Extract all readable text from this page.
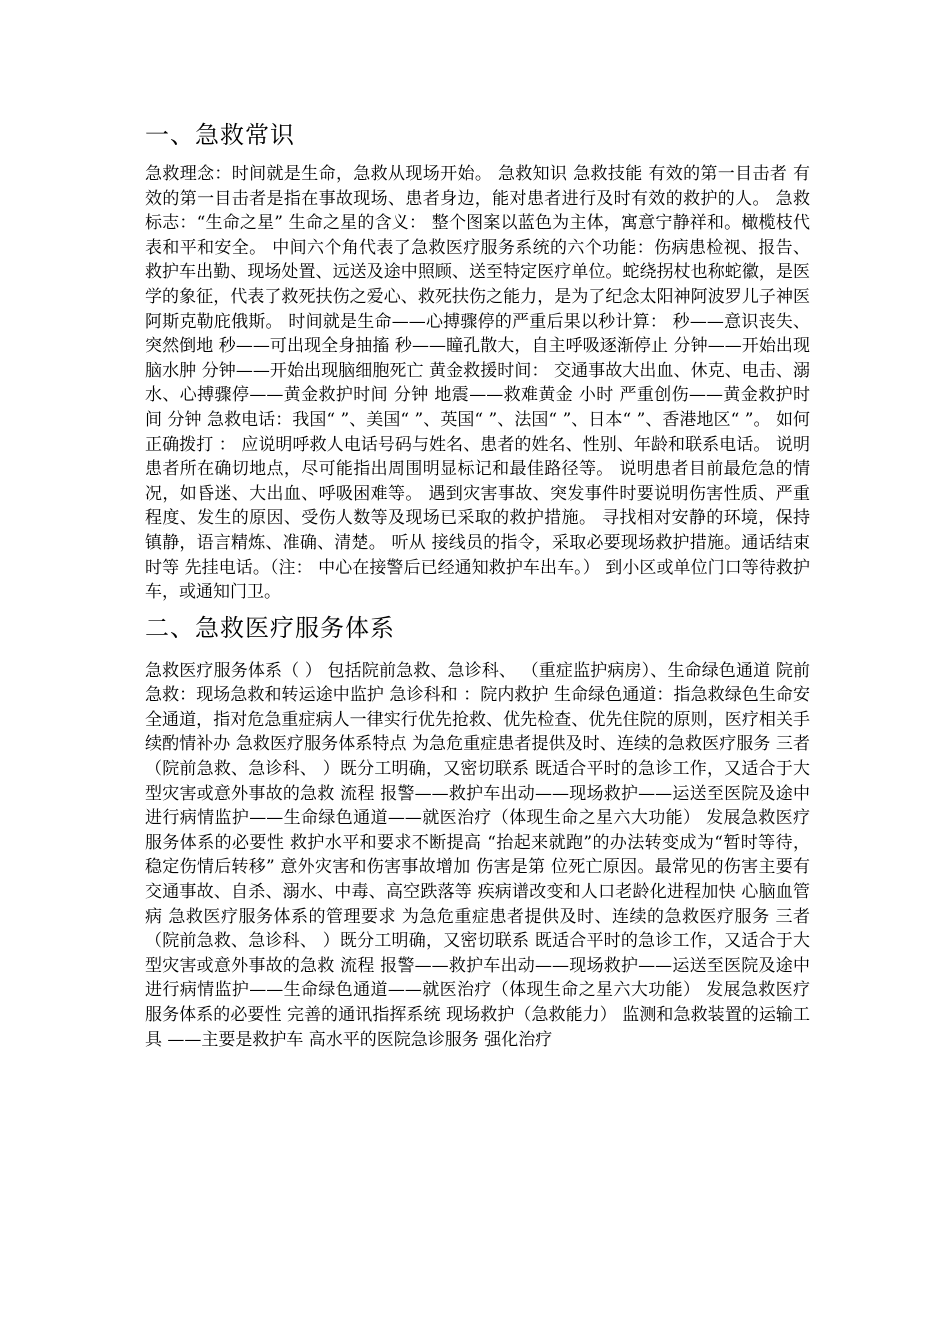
一、急救常识

急救理念：时间就是生命，急救从现场开始。 急救知识 急救技能 有效的第一目击者 有效的第一目击者是指在事故现场、患者身边，能对患者进行及时有效的救护的人。 急救标志：“生命之星” 生命之星的含义： 整个图案以蓝色为主体，寓意宁静祥和。橄榄枝代表和平和安全。 中间六个角代表了急救医疗服务系统的六个功能：伤病患检视、报告、救护车出勤、现场处置、远送及途中照顾、送至特定医疗单位。蛇绕拐杖也称蛇徽，是医学的象征，代表了救死扶伤之爱心、救死扶伤之能力，是为了纪念太阳神阿波罗儿子神医阿斯克勒庇俄斯。 时间就是生命——心搏骤停的严重后果以秒计算： 秒——意识丧失、突然倒地 秒——可出现全身抽搐 秒——瞳孔散大，自主呼吸逐渐停止 分钟——开始出现脑水肿 分钟——开始出现脑细胞死亡 黄金救援时间： 交通事故大出血、休克、电击、溺水、心搏骤停——黄金救护时间 分钟 地震——救难黄金 小时 严重创伤——黄金救护时间 分钟 急救电话：我国“ ”、美国“ ”、英国“ ”、法国“ ”、日本“ ”、香港地区“ ”。 如何正确拨打 ： 应说明呼救人电话号码与姓名、患者的姓名、性别、年龄和联系电话。 说明患者所在确切地点，尽可能指出周围明显标记和最佳路径等。 说明患者目前最危急的情况，如昏迷、大出血、呼吸困难等。 遇到灾害事故、突发事件时要说明伤害性质、严重程度、发生的原因、受伤人数等及现场已采取的救护措施。 寻找相对安静的环境，保持镇静，语言精炼、准确、清楚。 听从 接线员的指令，采取必要现场救护措施。通话结束时等 先挂电话。（注： 中心在接警后已经通知救护车出车。） 到小区或单位门口等待救护车，或通知门卫。

二、急救医疗服务体系

急救医疗服务体系（ ） 包括院前急救、急诊科、 （重症监护病房）、生命绿色通道 院前急救：现场急救和转运途中监护 急诊科和 ：院内救护 生命绿色通道：指急救绿色生命安全通道，指对危急重症病人一律实行优先抢救、优先检查、优先住院的原则，医疗相关手续酌情补办 急救医疗服务体系特点 为急危重症患者提供及时、连续的急救医疗服务 三者（院前急救、急诊科、 ）既分工明确，又密切联系 既适合平时的急诊工作，又适合于大型灾害或意外事故的急救 流程 报警——救护车出动——现场救护——运送至医院及途中进行病情监护——生命绿色通道——就医治疗（体现生命之星六大功能） 发展急救医疗服务体系的必要性 救护水平和要求不断提高 “抬起来就跑”的办法转变成为“暂时等待，稳定伤情后转移” 意外灾害和伤害事故增加 伤害是第 位死亡原因。最常见的伤害主要有交通事故、自杀、溺水、中毒、高空跌落等 疾病谱改变和人口老龄化进程加快 心脑血管病 急救医疗服务体系的管理要求 为急危重症患者提供及时、连续的急救医疗服务 三者（院前急救、急诊科、 ）既分工明确，又密切联系 既适合平时的急诊工作，又适合于大型灾害或意外事故的急救 流程 报警——救护车出动——现场救护——运送至医院及途中进行病情监护——生命绿色通道——就医治疗（体现生命之星六大功能） 发展急救医疗服务体系的必要性 完善的通讯指挥系统 现场救护（急救能力） 监测和急救装置的运输工具 ——主要是救护车 高水平的医院急诊服务 强化治疗
